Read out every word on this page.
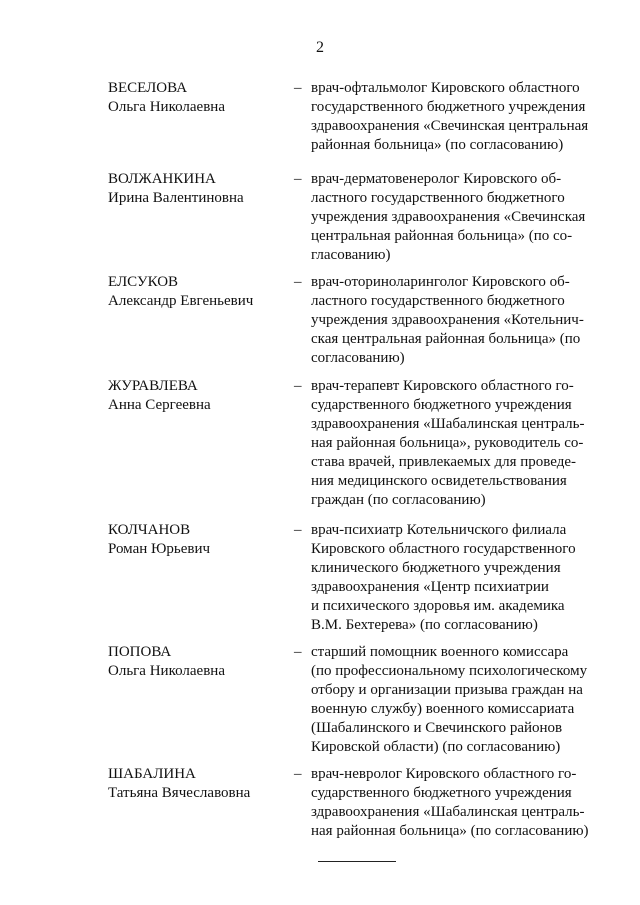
2
ВЕСЕЛОВА
Ольга Николаевна
– врач-офтальмолог Кировского областного
государственного бюджетного учреждения
здравоохранения «Свечинская центральная
районная больница» (по согласованию)
ВОЛЖАНКИНА
Ирина Валентиновна
– врач-дерматовенеролог Кировского об-
ластного государственного бюджетного
учреждения здравоохранения «Свечинская
центральная районная больница» (по со-
гласованию)
ЕЛСУКОВ
Александр Евгеньевич
– врач-оториноларинголог Кировского об-
ластного государственного бюджетного
учреждения здравоохранения «Котельнич-
ская центральная районная больница» (по
согласованию)
ЖУРАВЛЕВА
Анна Сергеевна
– врач-терапевт Кировского областного го-
сударственного бюджетного учреждения
здравоохранения «Шабалинская централь-
ная районная больница», руководитель со-
става врачей, привлекаемых для проведе-
ния медицинского освидетельствования
граждан (по согласованию)
КОЛЧАНОВ
Роман Юрьевич
– врач-психиатр Котельничского филиала
Кировского областного государственного
клинического бюджетного учреждения
здравоохранения «Центр психиатрии
и психического здоровья им. академика
В.М. Бехтерева» (по согласованию)
ПОПОВА
Ольга Николаевна
– старший помощник военного комиссара
(по профессиональному психологическому
отбору и организации призыва граждан на
военную службу) военного комиссариата
(Шабалинского и Свечинского районов
Кировской области) (по согласованию)
ШАБАЛИНА
Татьяна Вячеславовна
– врач-невролог Кировского областного го-
сударственного бюджетного учреждения
здравоохранения «Шабалинская централь-
ная районная больница» (по согласованию)
